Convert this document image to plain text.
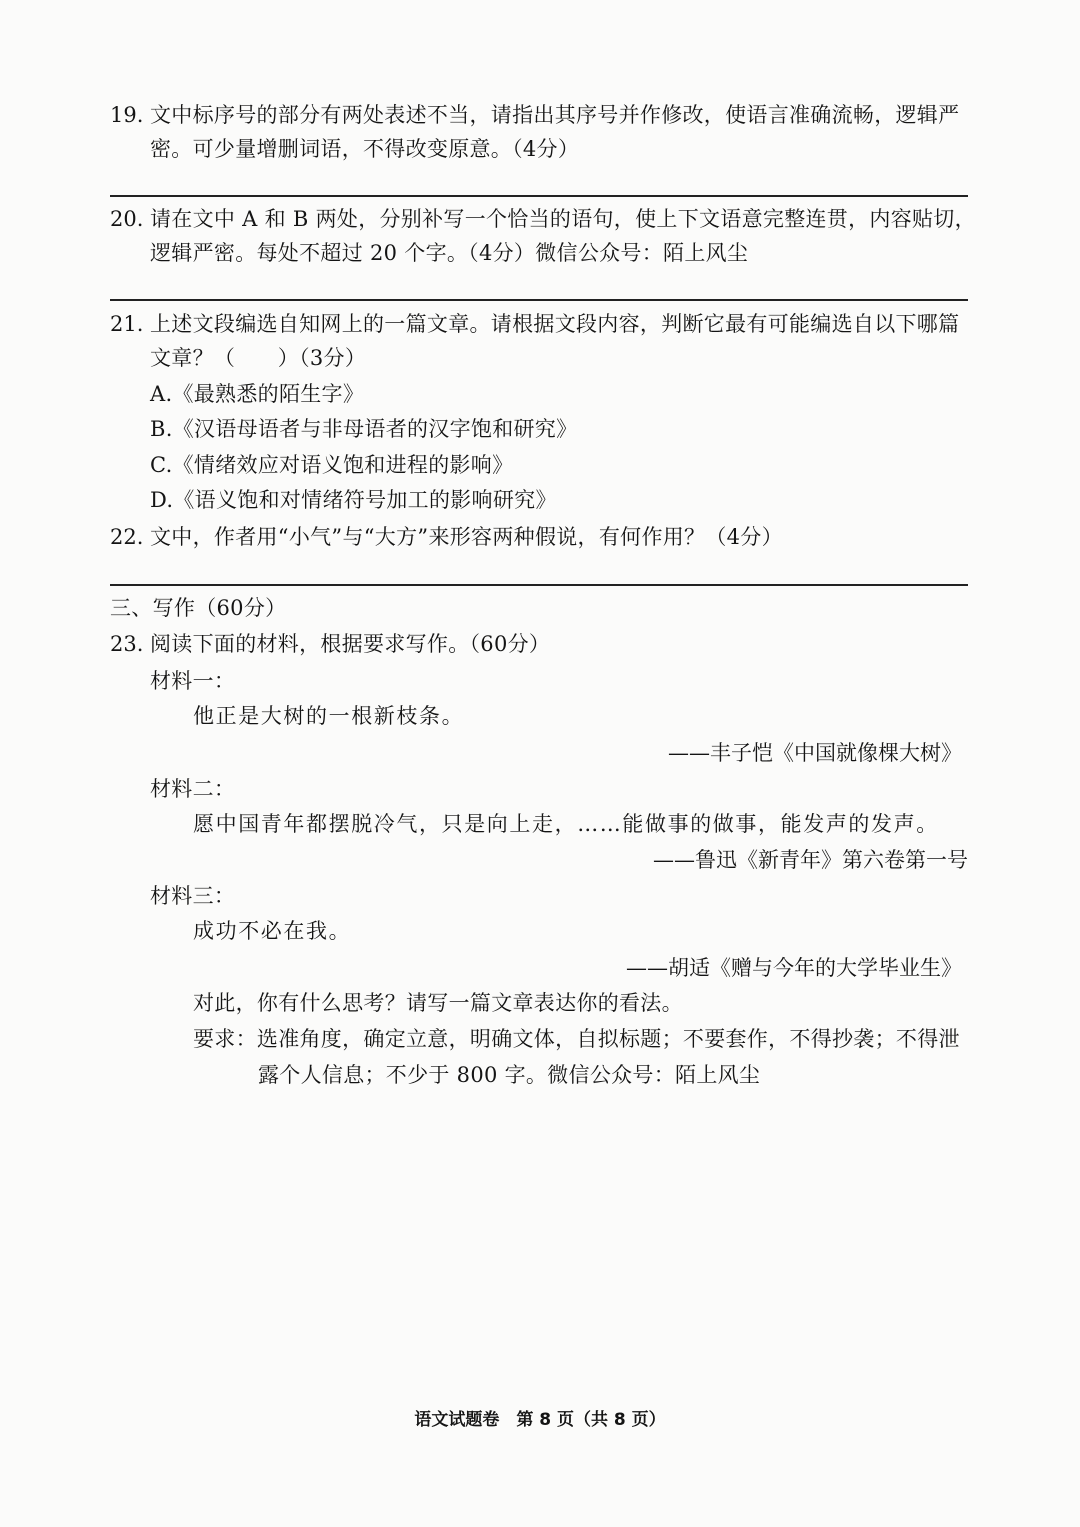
19. 文中标序号的部分有两处表述不当，请指出其序号并作修改，使语言准确流畅，逻辑严
密。可少量增删词语，不得改变原意。（4分）
20. 请在文中 A 和 B 两处，分别补写一个恰当的语句，使上下文语意完整连贯，内容贴切，
逻辑严密。每处不超过 20 个字。（4分）微信公众号：陌上风尘
21. 上述文段编选自知网上的一篇文章。请根据文段内容，判断它最有可能编选自以下哪篇
文章？（　　）（3分）
A.《最熟悉的陌生字》
B.《汉语母语者与非母语者的汉字饱和研究》
C.《情绪效应对语义饱和进程的影响》
D.《语义饱和对情绪符号加工的影响研究》
22. 文中，作者用“小气”与“大方”来形容两种假说，有何作用？（4分）
三、写作（60分）
23. 阅读下面的材料，根据要求写作。（60分）
材料一：
他正是大树的一根新枝条。
——丰子恺《中国就像棵大树》
材料二：
愿中国青年都摆脱冷气，只是向上走，……能做事的做事，能发声的发声。
——鲁迅《新青年》第六卷第一号
材料三：
成功不必在我。
——胡适《赠与今年的大学毕业生》
对此，你有什么思考？请写一篇文章表达你的看法。
要求：选准角度，确定立意，明确文体，自拟标题；不要套作，不得抄袭；不得泄
露个人信息；不少于 800 字。微信公众号：陌上风尘
语文试题卷　第 8 页（共 8 页）
